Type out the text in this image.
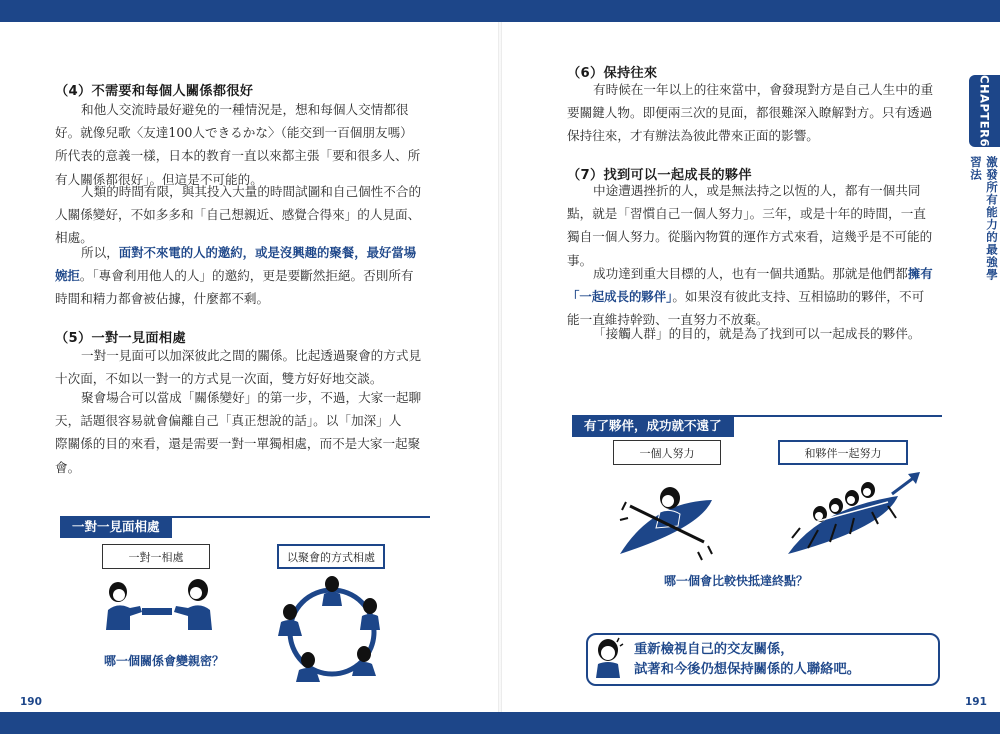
（4）不需要和每個人關係都很好
和他人交流時最好避免的一種情況是，想和每個人交情都很
好。就像兒歌〈友達100人できるかな〉（能交到一百個朋友嗎）
所代表的意義一樣，日本的教育一直以來都主張「要和很多人、所
有人關係都很好」。但這是不可能的。
人類的時間有限，與其投入大量的時間試圖和自己個性不合的
人關係變好，不如多多和「自己想親近、感覺合得來」的人見面、
相處。
所以，面對不來電的人的邀約，或是沒興趣的聚餐，最好當場
婉拒。「專會利用他人的人」的邀約，更是要斷然拒絕。否則所有
時間和精力都會被佔據，什麼都不剩。
（5）一對一見面相處
一對一見面可以加深彼此之間的關係。比起透過聚會的方式見
十次面，不如以一對一的方式見一次面，雙方好好地交談。
聚會場合可以當成「關係變好」的第一步，不過，大家一起聊
天，話題很容易就會偏離自己「真正想說的話」。以「加深」人
際關係的目的來看，還是需要一對一單獨相處，而不是大家一起聚
會。
一對一見面相處
一對一相處	以聚會的方式相處
哪一個關係會變親密？
190
（6）保持往來
有時候在一年以上的往來當中，會發現對方是自己人生中的重
要關鍵人物。即便兩三次的見面，都很難深入瞭解對方。只有透過
保持往來，才有辦法為彼此帶來正面的影響。
（7）找到可以一起成長的夥伴
中途遭遇挫折的人，或是無法持之以恆的人，都有一個共同
點，就是「習慣自己一個人努力」。三年，或是十年的時間，一直
獨自一個人努力。從腦內物質的運作方式來看，這幾乎是不可能的
事。
成功達到重大目標的人，也有一個共通點。那就是他們都擁有
「一起成長的夥伴」。如果沒有彼此支持、互相協助的夥伴，不可
能一直維持幹勁、一直努力不放棄。
「接觸人群」的目的，就是為了找到可以一起成長的夥伴。
有了夥伴，成功就不遠了
一個人努力	和夥伴一起努力
哪一個會比較快抵達終點？
重新檢視自己的交友關係，
試著和今後仍想保持關係的人聯絡吧。
CHAPTER6
激發所有能力的最強學習法
191
